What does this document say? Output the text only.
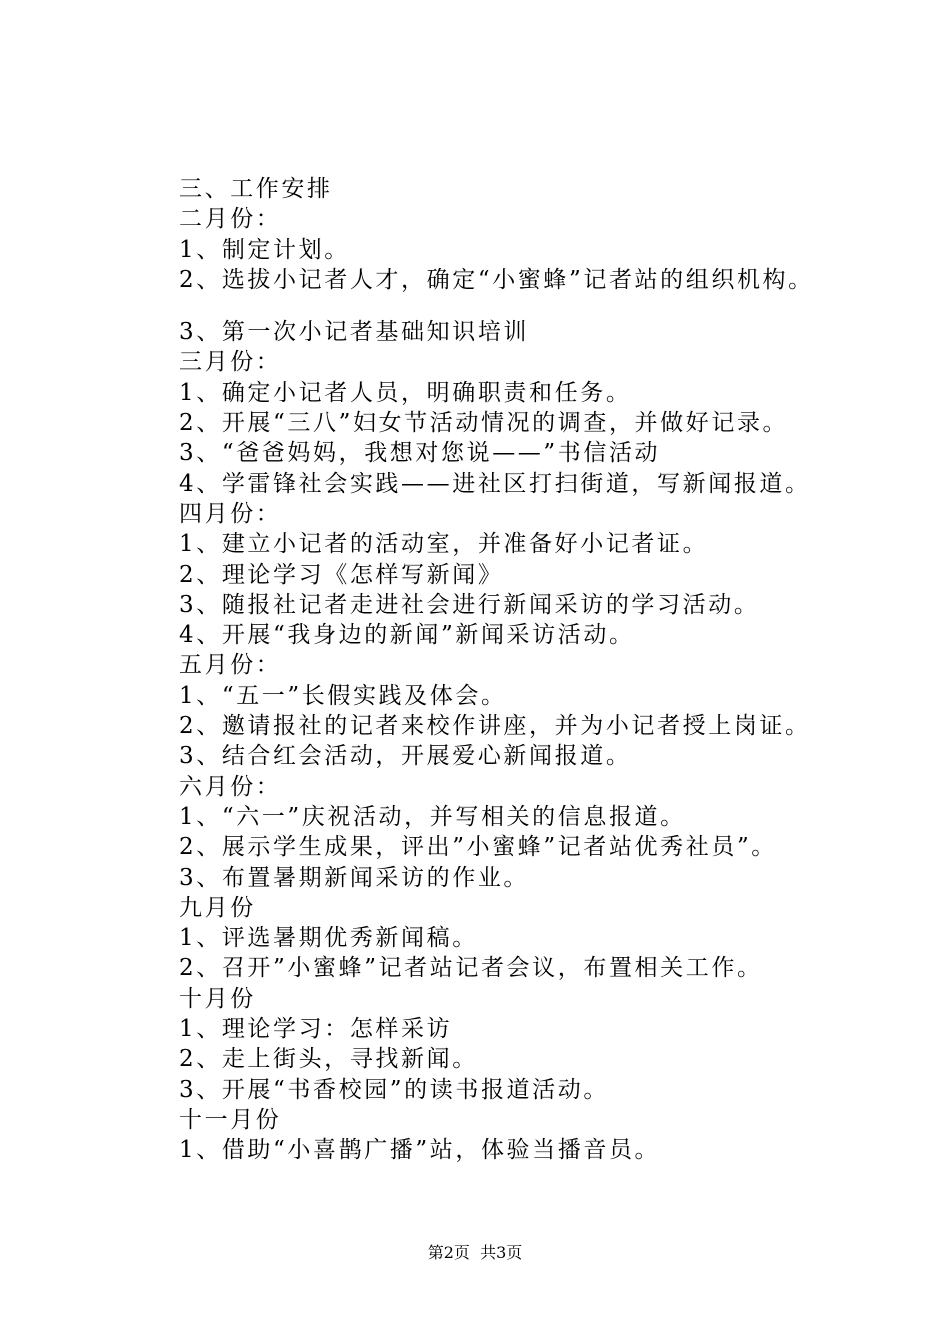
三、工作安排
二月份：
1、制定计划。
2、选拔小记者人才，确定“小蜜蜂”记者站的组织机构。
3、第一次小记者基础知识培训
三月份：
1、确定小记者人员，明确职责和任务。
2、开展“三八”妇女节活动情况的调查，并做好记录。
3、“爸爸妈妈，我想对您说——”书信活动
4、学雷锋社会实践——进社区打扫街道，写新闻报道。
四月份：
1、建立小记者的活动室，并准备好小记者证。
2、理论学习《怎样写新闻》
3、随报社记者走进社会进行新闻采访的学习活动。
4、开展“我身边的新闻”新闻采访活动。
五月份：
1、“五一”长假实践及体会。
2、邀请报社的记者来校作讲座，并为小记者授上岗证。
3、结合红会活动，开展爱心新闻报道。
六月份：
1、“六一”庆祝活动，并写相关的信息报道。
2、展示学生成果，评出”小蜜蜂”记者站优秀社员”。
3、布置暑期新闻采访的作业。
九月份
1、评选暑期优秀新闻稿。
2、召开”小蜜蜂”记者站记者会议，布置相关工作。
十月份
1、理论学习：怎样采访
2、走上街头，寻找新闻。
3、开展“书香校园”的读书报道活动。
十一月份
1、借助“小喜鹊广播”站，体验当播音员。
第2页  共3页
